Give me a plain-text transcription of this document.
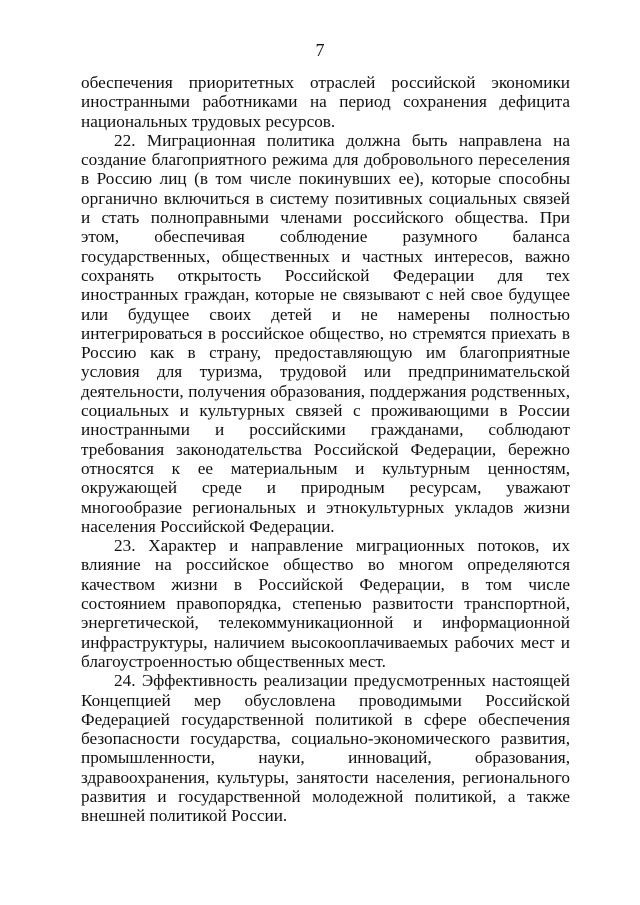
7

обеспечения приоритетных отраслей российской экономики иностранными работниками на период сохранения дефицита национальных трудовых ресурсов.

22. Миграционная политика должна быть направлена на создание благоприятного режима для добровольного переселения в Россию лиц (в том числе покинувших ее), которые способны органично включиться в систему позитивных социальных связей и стать полноправными членами российского общества. При этом, обеспечивая соблюдение разумного баланса государственных, общественных и частных интересов, важно сохранять открытость Российской Федерации для тех иностранных граждан, которые не связывают с ней свое будущее или будущее своих детей и не намерены полностью интегрироваться в российское общество, но стремятся приехать в Россию как в страну, предоставляющую им благоприятные условия для туризма, трудовой или предпринимательской деятельности, получения образования, поддержания родственных, социальных и культурных связей с проживающими в России иностранными и российскими гражданами, соблюдают требования законодательства Российской Федерации, бережно относятся к ее материальным и культурным ценностям, окружающей среде и природным ресурсам, уважают многообразие региональных и этнокультурных укладов жизни населения Российской Федерации.

23. Характер и направление миграционных потоков, их влияние на российское общество во многом определяются качеством жизни в Российской Федерации, в том числе состоянием правопорядка, степенью развитости транспортной, энергетической, телекоммуникационной и информационной инфраструктуры, наличием высокооплачиваемых рабочих мест и благоустроенностью общественных мест.

24. Эффективность реализации предусмотренных настоящей Концепцией мер обусловлена проводимыми Российской Федерацией государственной политикой в сфере обеспечения безопасности государства, социально-экономического развития, промышленности, науки, инноваций, образования, здравоохранения, культуры, занятости населения, регионального развития и государственной молодежной политикой, а также внешней политикой России.
